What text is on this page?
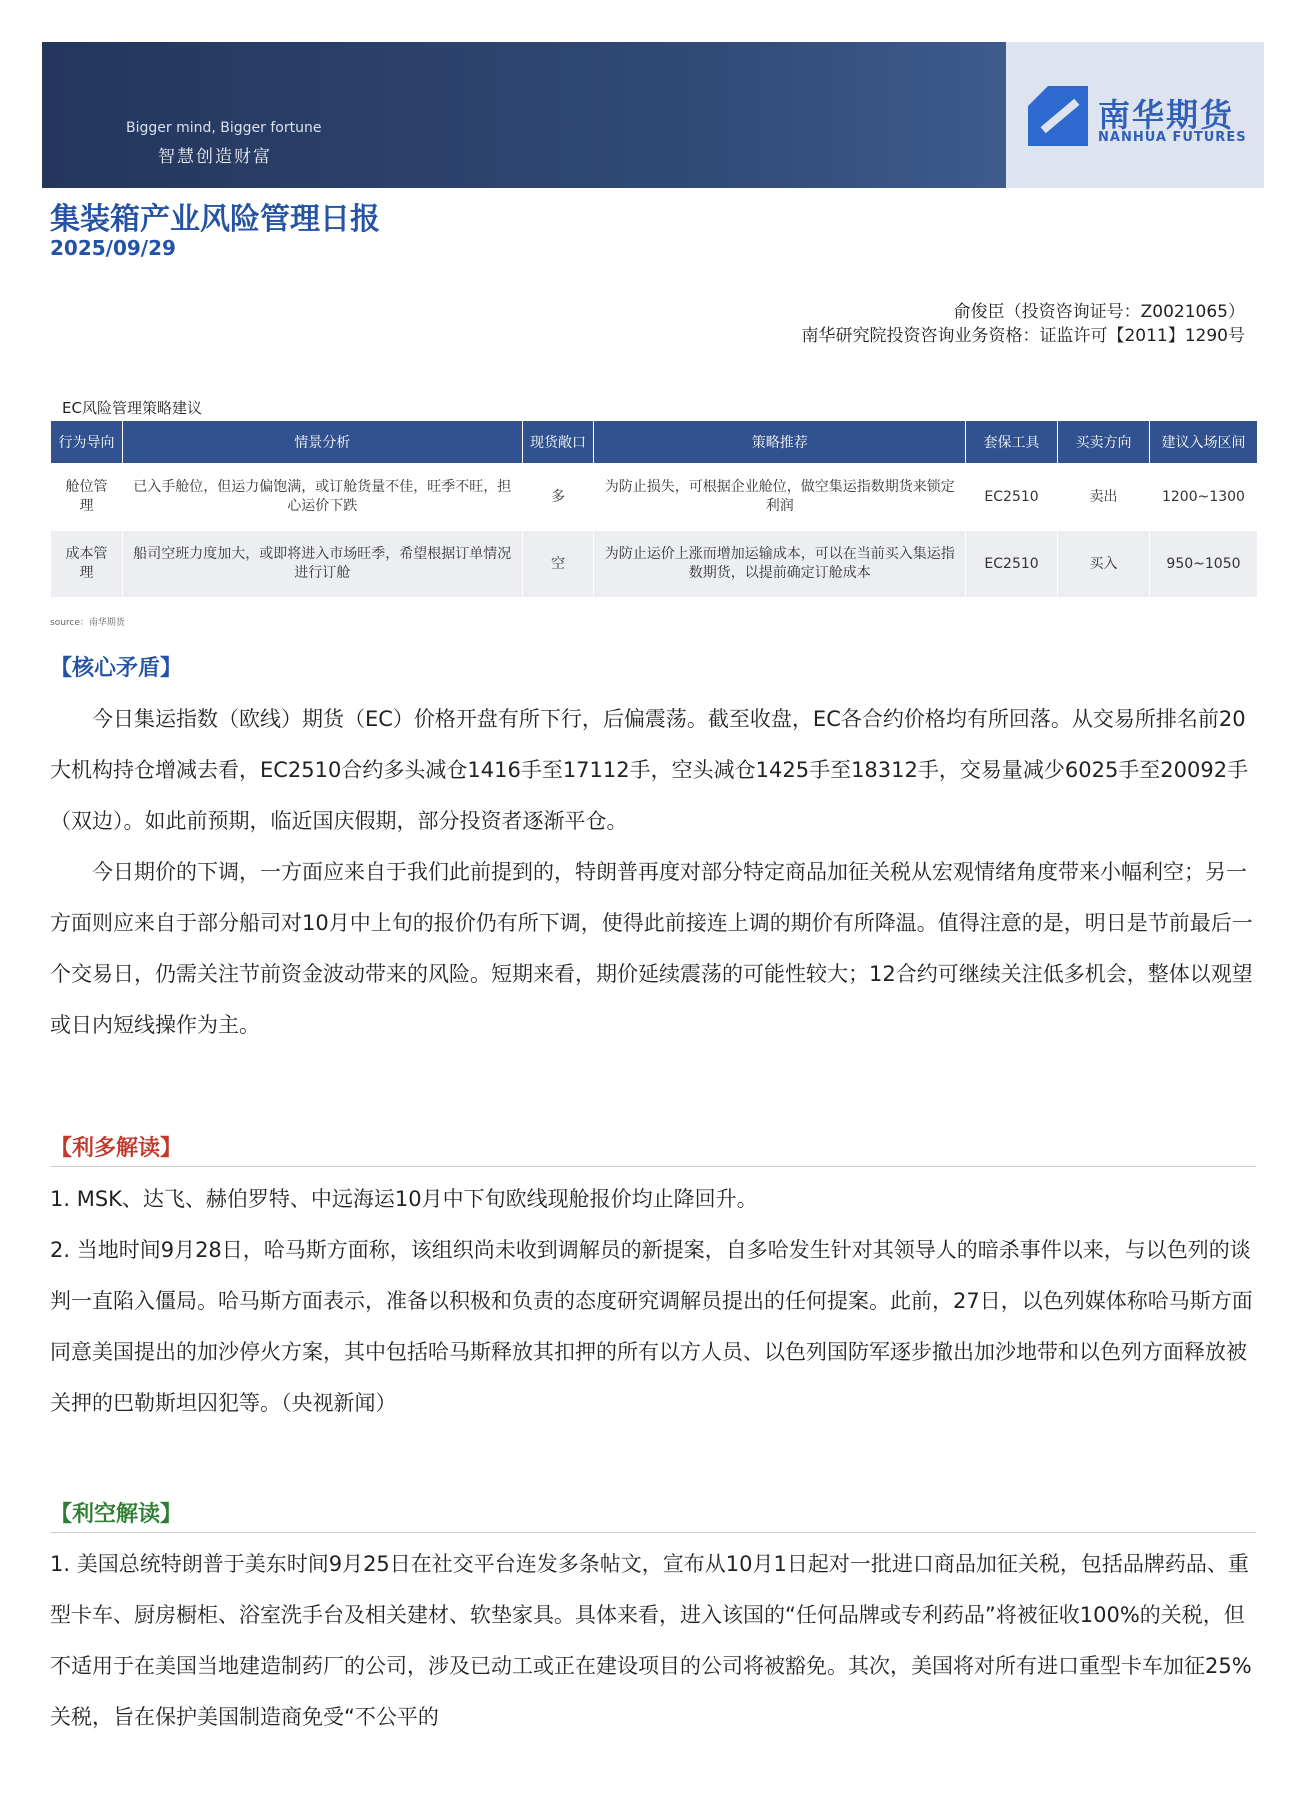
Bigger mind, Bigger fortune
智慧创造财富
南华期货
NANHUA FUTURES
集装箱产业风险管理日报
2025/09/29
俞俊臣（投资咨询证号：Z0021065）
南华研究院投资咨询业务资格：证监许可【2011】1290号
EC风险管理策略建议
行为导向	情景分析	现货敞口	策略推荐	套保工具	买卖方向	建议入场区间
舱位管理	已入手舱位，但运力偏饱满，或订舱货量不佳，旺季不旺，担心运价下跌	多	为防止损失，可根据企业舱位，做空集运指数期货来锁定利润	EC2510	卖出	1200~1300
成本管理	船司空班力度加大，或即将进入市场旺季，希望根据订单情况进行订舱	空	为防止运价上涨而增加运输成本，可以在当前买入集运指数期货，以提前确定订舱成本	EC2510	买入	950~1050
source：南华期货
【核心矛盾】
今日集运指数（欧线）期货（EC）价格开盘有所下行，后偏震荡。截至收盘，EC各合约价格均有所回落。从交易所排名前20大机构持仓增减去看，EC2510合约多头减仓1416手至17112手，空头减仓1425手至18312手，交易量减少6025手至20092手（双边）。如此前预期，临近国庆假期，部分投资者逐渐平仓。
今日期价的下调，一方面应来自于我们此前提到的，特朗普再度对部分特定商品加征关税从宏观情绪角度带来小幅利空；另一方面则应来自于部分船司对10月中上旬的报价仍有所下调，使得此前接连上调的期价有所降温。值得注意的是，明日是节前最后一个交易日，仍需关注节前资金波动带来的风险。短期来看，期价延续震荡的可能性较大；12合约可继续关注低多机会，整体以观望或日内短线操作为主。
【利多解读】
1. MSK、达飞、赫伯罗特、中远海运10月中下旬欧线现舱报价均止降回升。
2. 当地时间9月28日，哈马斯方面称，该组织尚未收到调解员的新提案，自多哈发生针对其领导人的暗杀事件以来，与以色列的谈判一直陷入僵局。哈马斯方面表示，准备以积极和负责的态度研究调解员提出的任何提案。此前，27日，以色列媒体称哈马斯方面同意美国提出的加沙停火方案，其中包括哈马斯释放其扣押的所有以方人员、以色列国防军逐步撤出加沙地带和以色列方面释放被关押的巴勒斯坦囚犯等。（央视新闻）
【利空解读】
1. 美国总统特朗普于美东时间9月25日在社交平台连发多条帖文，宣布从10月1日起对一批进口商品加征关税，包括品牌药品、重型卡车、厨房橱柜、浴室洗手台及相关建材、软垫家具。具体来看，进入该国的“任何品牌或专利药品”将被征收100%的关税，但不适用于在美国当地建造制药厂的公司，涉及已动工或正在建设项目的公司将被豁免。其次，美国将对所有进口重型卡车加征25%关税，旨在保护美国制造商免受“不公平的
